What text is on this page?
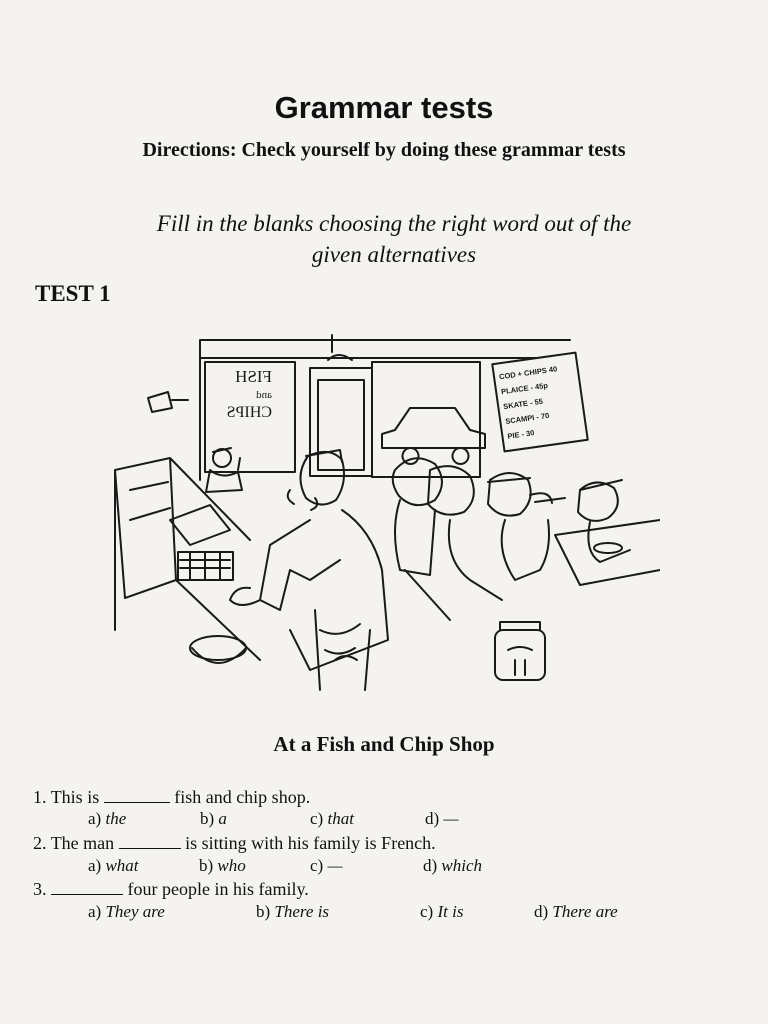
Grammar tests
Directions: Check yourself by doing these grammar tests
Fill in the blanks choosing the right word out of the
given alternatives
TEST 1
FISH
and
CHIPS
COD + CHIPS 40
PLAICE - 45p
SKATE - 55
SCAMPI - 70
PIE - 30
At a Fish and Chip Shop
1. This is	fish and chip shop.
a) the	b) a	c) that	d) —
2. The man	is sitting with his family is French.
a) what	b) who	c) —	d) which
3.	four people in his family.
a) They are	b) There is	c) It is	d) There are
